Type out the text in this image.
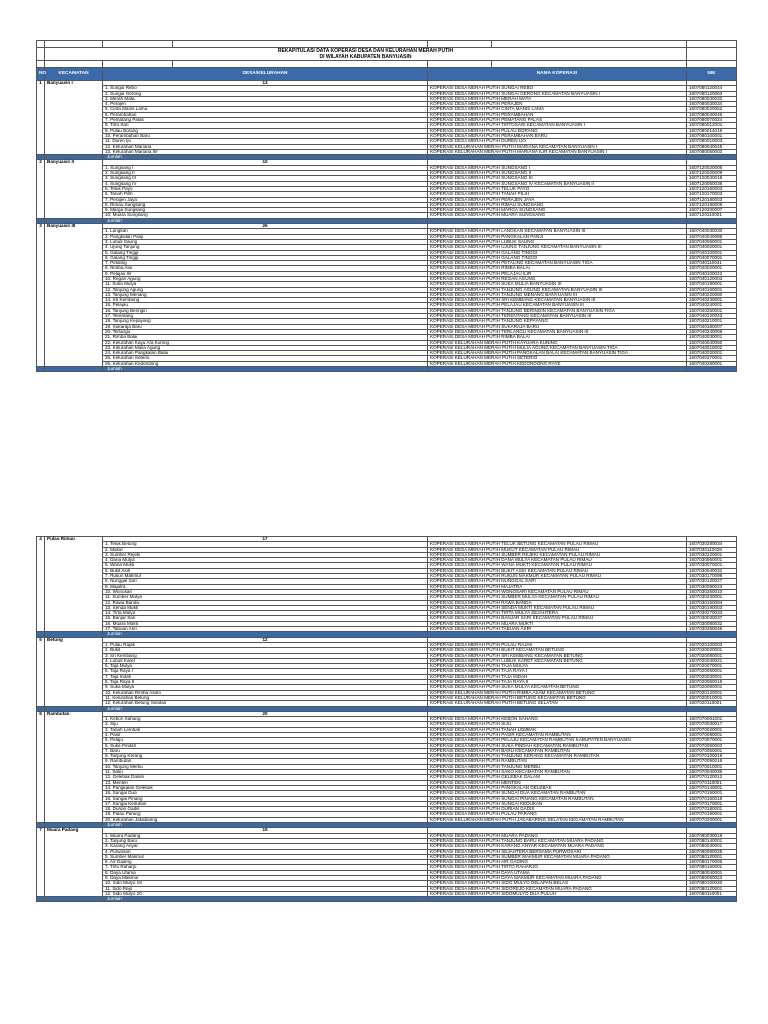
	REKAPITULASI DATA KOPERASI DESA DAN KELURAHAN MERAH PUTIH					
	DI WILAYAH KABUPATEN BANYUASIN					

NO	KECAMATAN	DESA/KELURAHAN		NAMA KOPERASI		NIK
1	Banyuasin I	13				
		1. Sungai Rebo		KOPERASI DESA MERAH PUTIH SUNGAI REBO		1607080120044
		2. Sungai Gerong		KOPERASI DESA MERAH PUTIH SUNGAI GERONG KECAMATAN BANYUASIN I		1607080120063
		3. Merah Mata		KOPERASI DESA MERAH PUTIH MERAH MATA		1607080030032
		4. Perajen		KOPERASI DESA MERAH PUTIH PERAJEN		1607080030034
		5. Cinta Manis Lama		KOPERASI DESA MERAH PUTIH CINTA MANIS LAMA		1607080020052
		6. Perambahan		KOPERASI DESA MERAH PUTIH PERAMBAHAN		1607080030046
		7. Pematang Palas		KOPERASI DESA MERAH PUTIH PEMATANG PALAS		1607080070024
		8. Tirto Sari		KOPERASI DESA MERAH PUTIH TIRTOSARI KECAMATAN BANYUASIN I		1607080012001
		9. Pulau Borang		KOPERASI DESA MERAH PUTIH PULAU BORANG		1607080014019
		10. Perambahan Baru		KOPERASI DESA MERAH PUTIH PERAMBAHAN BARU		1607080100001
		11. Duren Ijo		KOPERASI DESA MERAH PUTIH DUREN IJO		1607080010003
		12. Kelurahan Mariana		KOPERASI KELURAHAN MERAH PUTIH MARIANA KECAMATAN BANYUASIN I		1607080040045
		13. Kelurahan Mariana Ilir		KOPERASI KELURAHAN MERAH PUTIH MARIANA ILIR KECAMATAN BANYUASIN I		1607080050003
		Jumlah				
2	Banyuasin II	10				
		1. Sungsang I		KOPERASI DESA MERAH PUTIH SUNGSANG I		1607120020008
		2. Sungsang II		KOPERASI DESA MERAH PUTIH SUNGSANG II		1607120020009
		3. Sungsang III		KOPERASI DESA MERAH PUTIH SUNGSANG III		1607120040018
		4. Sungsang IV		KOPERASI DESA MERAH PUTIH SUNGSANG IV KECAMATAN BANYUASIN II		1607120050038
		5. Teluk Payo		KOPERASI DESA MERAH PUTIH TELUK PAYO		1607120160003
		6. Tanah Pilih		KOPERASI DESA MERAH PUTIH TANAH PILIH		1607120170003
		7. Perajen Jaya		KOPERASI DESA MERAH PUTIH PERAJEN JAYA		1607120180003
		8. Rimau Sungsang		KOPERASI DESA MERAH PUTIH RIMAU SUNGSANG		1607120190005
		9. Marga Sungsang		KOPERASI DESA MERAH PUTIH MARGA SUNGSANG		1607120200007
		10. Muara Sungsang		KOPERASI DESA MERAH PUTIH MUARA SUNGSANG		1607120110001
		Jumlah				
3	Banyuasin III	26				
		1. Langkan		KOPERASI DESA MERAH PUTIH LANGKAN KECAMATAN BANYUASIN III		1607040030030
		2. Pangkalan Panji		KOPERASI DESA MERAH PUTIH PANGKALAN PANJI		1607040040086
		3. Lubuk Saung		KOPERASI DESA MERAH PUTIH LUBUK SAUNG		1607040060001
		4. Ujung Tanjung		KOPERASI DESA MERAH PUTIH UJUNG TANJUNG KECAMATAN BANYUASIN III		1607040020001
		5. Galang Tinggi		KOPERASI DESA MERAH PUTIH GALANG TINGGI		1607040100001
		6. Galang Tinggi		KOPERASI DESA MERAH PUTIH GALANG TINGGI		1607040070001
		7. Petaling		KOPERASI DESA MERAH PUTIH PETALING KECAMATAN BANYUASIN TIGA		1607040110041
		8. Rimba Alai		KOPERASI DESA MERAH PUTIH RIMBA BALAI		1607040020001
		9. Pelajau Ilir		KOPERASI DESA MERAH PUTIH PELAJAU ILIR		1607040100022
		10. Regan Agung		KOPERASI DESA MERAH PUTIH REGAN AGUNG		1607040120003
		11. Suka Mulya		KOPERASI DESA MERAH PUTIH SUKA MULIA BANYUASIN III		1607040190001
		12. Tanjung Agung		KOPERASI DESA MERAH PUTIH TANJUNG AGUNG KECAMATAN BANYUASIN III		1607040160001
		13. Tanjung Menang		KOPERASI DESA MERAH PUTIH TANJUNG MENANG BANYUASIN III		1607040220060
		14. Sri Kembang		KOPERASI DESA MERAH PUTIH SRI KEMBANG KECAMATAN BANYUASIN III		1607040230001
		15. Pelajau		KOPERASI DESA MERAH PUTIH PELAJAU KECAMATAN BANYUASIN III		1607040240001
		16. Tanjung Beringin		KOPERASI DESA MERAH PUTIH TANJUNG BERINGIN KECAMATAN BANYUASIN TIGA		1607040250001
		17. Terentang		KOPERASI DESA MERAH PUTIH TERENTANG KECAMATAN BANYUASIN III		1607040220043
		18. Tanjung Kepayang		KOPERASI DESA MERAH PUTIH TANJUNG KEPAYANG		1607040210001
		19. Sukaraja Baru		KOPERASI DESA MERAH PUTIH SUKARAJA BARU		1607040180007
		20. Terlangu		KOPERASI DESA MERAH PUTIH TERLANGU KECAMATAN BANYUASIN III		1607040240069
		21. Rimba Balai		KOPERASI DESA MERAH PUTIH RIMBA BALAI		1607040030001
		22. Kelurahan Kayu Ara Kuning		KOPERASI KELURAHAN MERAH PUTIH KAYUARA KUNING		1607040040060
		23. Kelurahan Mulia Agung		KOPERASI KELURAHAN MERAH PUTIH MULIA AGUNG KECAMATAN BANYUASIN TIGA		1607040010002
		24. Kelurahan Pangkalan Balai		KOPERASI KELURAHAN MERAH PUTIH PANGKALAN BALAI KECAMATAN BANYUASIN TIGA		1607040020001
		25. Kelurahan Seterio		KOPERASI KELURAHAN MERAH PUTIH SETERIO		1607040270001
		26. Kelurahan Kedondong		KOPERASI KELURAHAN MERAH PUTIH KEDONDONG RAYE		1607040280001
		Jumlah				
4	Pulau Rimau	17		
		1. Teluk Betung	KOPERASI DESA MERAH PUTIH TELUK BETUNG KECAMATAN PULAU RIMAU	1607030280034
		2. Mukut	KOPERASI DESA MERAH PUTIH MUKUT KECAMATAN PULAU RIMAU	1607030110026
		3. Sumber Rejeki	KOPERASI DESA MERAH PUTIH SUMBER REJEKI KECAMATAN PULAU RIMAU	1607030220001
		4. Dana Mulya	KOPERASI DESA MERAH PUTIH DANA MULYA KECAMATAN PULAU RIMAU	1607030060001
		5. Wana Mukti	KOPERASI DESA MERAH PUTIH WANA MUKTI KECAMATAN PULAU RIMAU	1607030070001
		6. Bukit Asih	KOPERASI DESA MERAH PUTIH BUKIT ASIH KECAMATAN PULAU RIMAU	1607030040032
		7. Rukun Makmur	KOPERASI DESA MERAH PUTIH RUKUN MAKMUR KECAMATAN PULAU RIMAU	1607030170098
		8. Nunggal Sari	KOPERASI DESA MERAH PUTIH NUNGGAL SARI	1607030120027
		9. Majatra	KOPERASI DESA MERAH PUTIH MAJATRA	1607030090023
		10. Wonosari	KOPERASI DESA MERAH PUTIH WONOSARI KECAMATAN PULAU RIMAU	1607030260010
		11. Sumber Mulya	KOPERASI DESA MERAH PUTIH SUMBER MULYA KECAMATAN PULAU RIMAU	1607030230001
		12. Rawa Banda	KOPERASI DESA MERAH PUTIH RAWA BANDA	1607030150094
		13. Senda Mukti	KOPERASI DESA MERAH PUTIH SENDA MUKTI KECAMATAN PULAU RIMAU	1607030190003
		14. Tirta Mulya	KOPERASI DESA MERAH PUTIH TIRTA MULYA SEJAHTERA	1607030270033
		15. Banjar Sari	KOPERASI DESA MERAH PUTIH BANJAR SARI KECAMATAN PULAU RIMAU	1607030030037
		16. Muara Mukti	KOPERASI DESA MERAH PUTIH MUARA MUKTI	1607030080032
		17. Tabuan Asri	KOPERASI DESA MERAH PUTIH TABUAN ASRI	1607030250046
		Jumlah		
5	Betung	12		
		1. Pulau Rajak	KOPERASI DESA MERAH PUTIH PULAU RAJAK	1607020100003
		2. Bukit	KOPERASI DESA MERAH PUTIH BUKIT KECAMATAN BETUNG	1607020020001
		3. Sri Kembang	KOPERASI DESA MERAH PUTIH SRI KEMBANG KECAMATAN BETUNG	1607020080001
		4. Lubuk Karet	KOPERASI DESA MERAH PUTIH LUBUK KARET KECAMATAN BETUNG	1607020040021
		5. Taja Mulya	KOPERASI DESA MERAH PUTIH TAJA MULYA	1607020070001
		6. Taja Raya I	KOPERASI DESA MERAH PUTIH TAJA RAYA I	1607020050001
		7. Taja Indah	KOPERASI DESA MERAH PUTIH TAJA INDAH	1607020030001
		8. Taja Raya II	KOPERASI DESA MERAH PUTIH TAJA RAYA II	1607020060019
		9. Suka Mulya	KOPERASI DESA MERAH PUTIH SUKA MULYA KECAMATAN BETUNG	1607020090001
		10. Kelurahan Rimba Asam	KOPERASI KELURAHAN MERAH PUTIH RIMBA ASAM KECAMATAN BETUNG	1607020120001
		11. Kelurahan Betung	KOPERASI KELURAHAN MERAH PUTIH BETUNG KECAMATAN BETUNG	1607020010001
		12. Kelurahan Betung Selatan	KOPERASI KELURAHAN MERAH PUTIH BETUNG SELATAN	1607020110001
		Jumlah		
6	Rambutan	20		
		1. Kebon Sahang	KOPERASI DESA MERAH PUTIH KEBON SAHANG	1607070061001
		2. Siju	KOPERASI DESA MERAH PUTIH SIJU	1607070030017
		3. Tanah Lembak	KOPERASI DESA MERAH PUTIH TANAH LEMBAK	1607070020001
		4. Pasir	KOPERASI DESA MERAH PUTIH PASIR KECAMATAN RAMBUTAN	1607070080001
		5. Pelaju	KOPERASI DESA MERAH PUTIH PELAJU KECAMATAN RAMBUTAN KABUPATEN BANYUASIN	1607070070001
		6. Suka Pindah	KOPERASI DESA MERAH PUTIH SUKA PINDAH KECAMATAN RAMBUTAN	1607070060003
		7. Baru	KOPERASI DESA MERAH PUTIH BARU KECAMATAN RAMBUTAN	1607070050001
		8. Tanjung Kerang	KOPERASI DESA MERAH PUTIH TANJUNG KERANG KECAMATAN RAMBUTAN	1607070100018
		9. Rambutan	KOPERASI DESA MERAH PUTIH RAMBUTAN	1607070090016
		10. Tanjung Merbu	KOPERASI DESA MERAH PUTIH TANJUNG MERBU	1607070010001
		11. Sako	KOPERASI DESA MERAH PUTIH SAKO KECAMATAN RAMBUTAN	1607070040035
		12. Gelebak Dalam	KOPERASI DESA MERAH PUTIH GELEBAK DALAM	1607070120012
		13. Menten	KOPERASI DESA MERAH PUTIH MENTEN	1607070110001
		14. Pangkalan Gelebak	KOPERASI DESA MERAH PUTIH PANGKALAN GELEBAK	1607070140001
		15. Sungai Dua	KOPERASI DESA MERAH PUTIH SUNGAI DUA KECAMATAN RAMBUTAN	1607070150001
		16. Sungai Pinang	KOPERASI DESA MERAH PUTIH SUNGAI PINANG KECAMATAN RAMBUTAN	1607070160018
		17. Sungai Kedukan	KOPERASI DESA MERAH PUTIH SUNGAI KEDUKAN	1607070170001
		18. Durian Gadis	KOPERASI DESA MERAH PUTIH DURIAN GADIS	1607070180001
		19. Pulau Parang	KOPERASI DESA MERAH PUTIH PULAU PARANG	1607070190001
		20. Kelurahan Jakabaring	KOPERASI KELURAHAN MERAH PUTIH JAKABARING SELATAN KECAMATAN RAMBUTAN	1607070200001
		Jumlah		
7	Muara Padang	15		
		1. Muara Padang	KOPERASI DESA MERAH PUTIH MUARA PADANG	1607080030018
		2. Tanjung Baru	KOPERASI DESA MERAH PUTIH TANJUNG BARU KECAMATAN MUARA PADANG	1607080140001
		3. Karang Anyar	KOPERASI DESA MERAH PUTIH KARANG ANYAR KECAMATAN MUARA PADANG	1607080030001
		4. Purwosari	KOPERASI DESA MERAH PUTIH SEJAHTERA BERSAMA PURWOSARI	1607080080025
		5. Sumber Makmur	KOPERASI DESA MERAH PUTIH SUMBER MAKMUR KECAMATAN MUARA PADANG	1607080120001
		6. Air Gading	KOPERASI DESA MERAH PUTIH AIR GADING	1607080170006
		7. Tirto Raharjo	KOPERASI DESA MERAH PUTIH TIRTO RAHARJO	1607080160001
		8. Daya Utama	KOPERASI DESA MERAH PUTIH DAYA UTAMA	1607080040001
		9. Daya Makmur	KOPERASI DESA MERAH PUTIH DAYA MAKMUR KECAMATAN MUARA PADANG	1607080050023
		10. Sido Mulyo 18	KOPERASI DESA MERAH PUTIH SIDO MULYO DELAPAN BELAS	1607080100020
		11. Sido Rejo	KOPERASI DESA MERAH PUTIH SIDOREJO KECAMATAN MUARA PADANG	1607080120001
		12. Sido Mulyo 20	KOPERASI DESA MERAH PUTIH SIDOMULYO DUA PULUH	1607080110001
		Jumlah		
